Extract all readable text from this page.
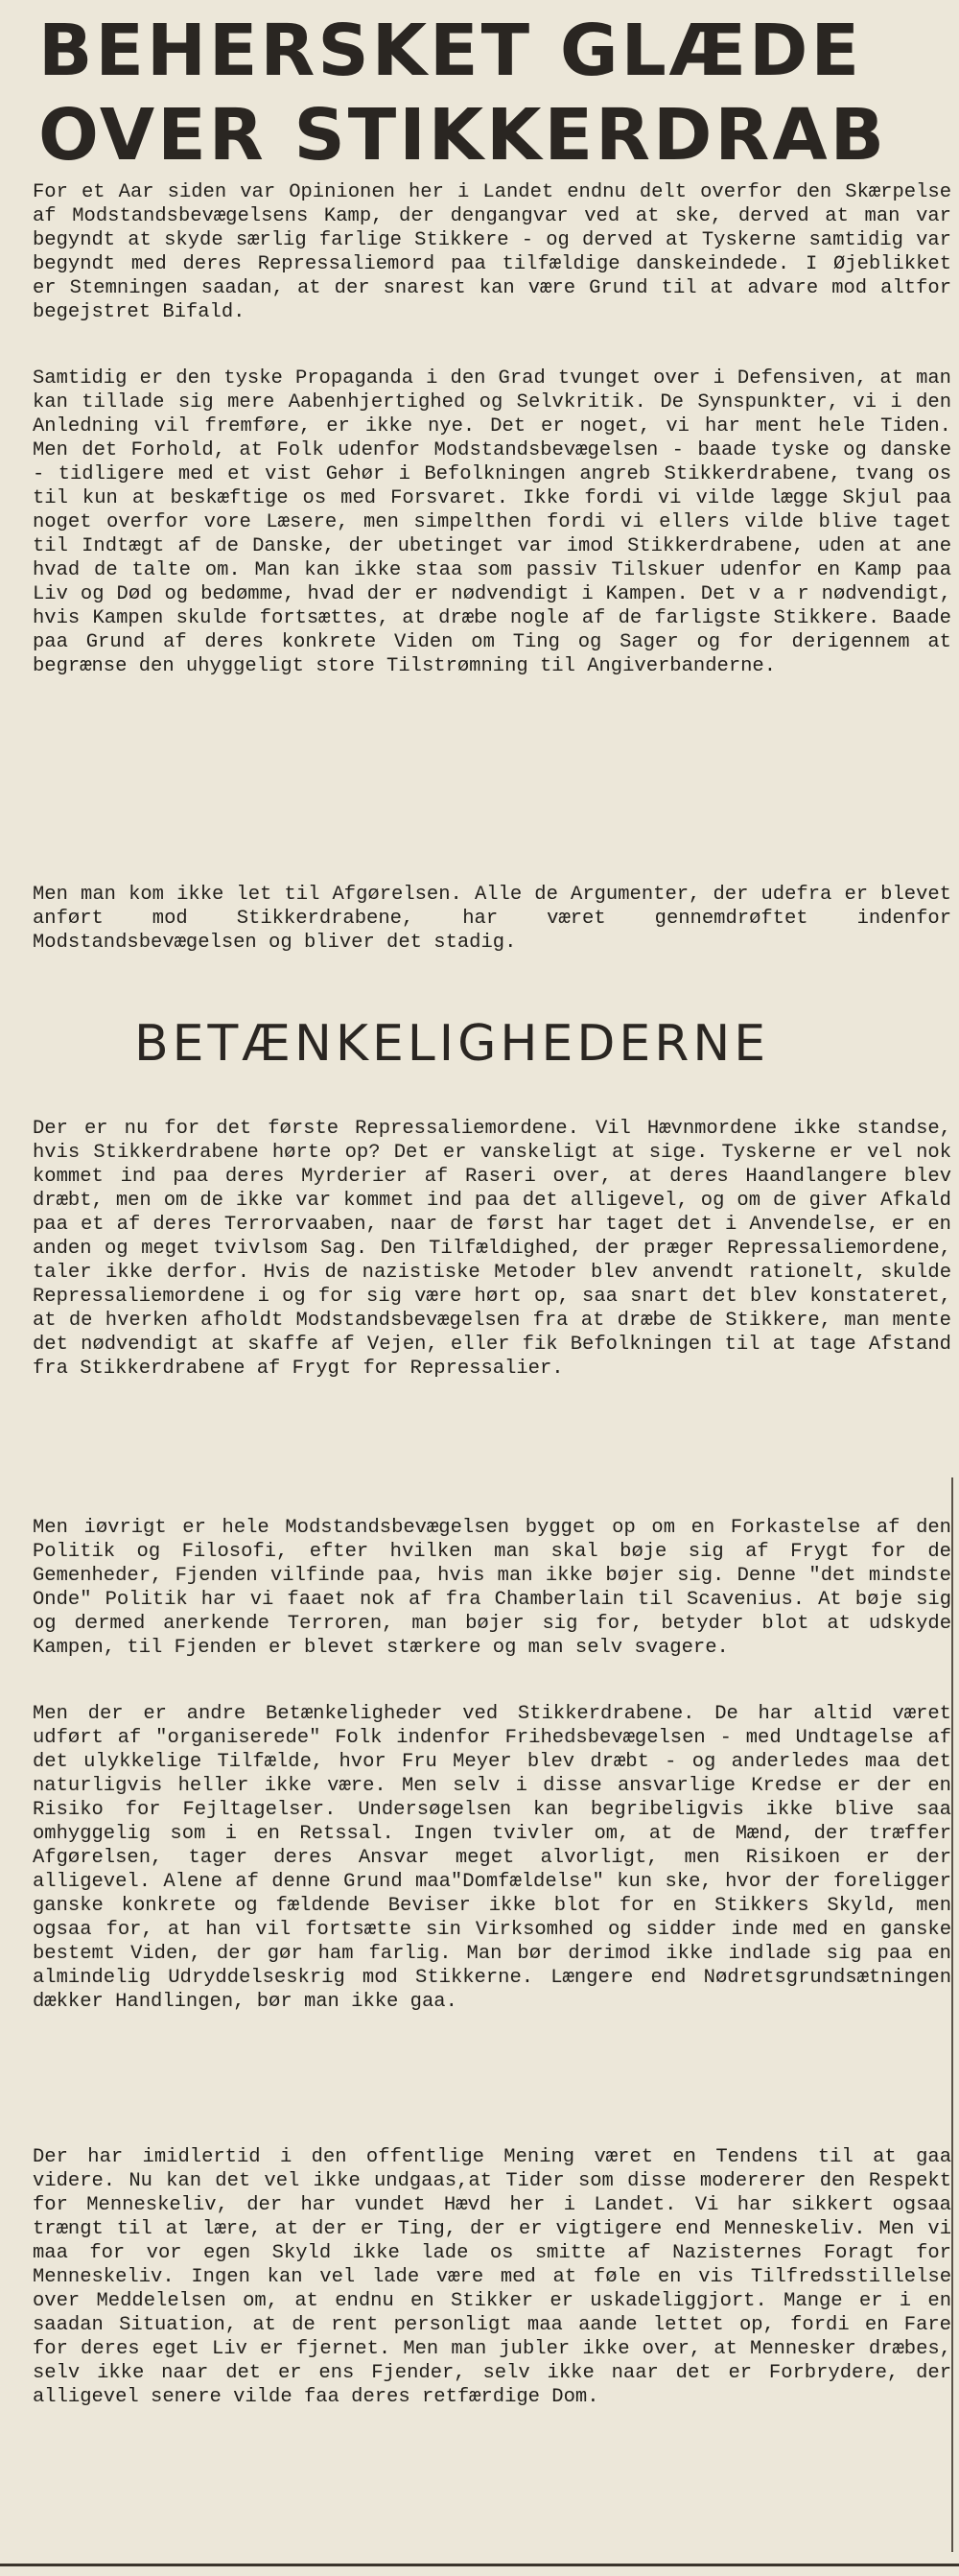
BEHERSKET GLÆDE
OVER STIKKERDRAB

For et Aar siden var Opinionen her i Landet endnu delt overfor den Skærpelse af Modstandsbevægelsens Kamp, der dengangvar ved at ske, derved at man var begyndt at skyde særlig farlige Stikkere - og derved at Tyskerne samtidig var begyndt med deres Repressaliemord paa tilfældige danskeindede. I Øjeblikket er Stemningen saadan, at der snarest kan være Grund til at advare mod altfor begejstret Bifald.

Samtidig er den tyske Propaganda i den Grad tvunget over i Defensiven, at man kan tillade sig mere Aabenhjertighed og Selvkritik. De Synspunkter, vi i den Anledning vil fremføre, er ikke nye. Det er noget, vi har ment hele Tiden. Men det Forhold, at Folk udenfor Modstandsbevægelsen - baade tyske og danske - tidligere med et vist Gehør i Befolkningen angreb Stikkerdrabene, tvang os til kun at beskæftige os med Forsvaret. Ikke fordi vi vilde lægge Skjul paa noget overfor vore Læsere, men simpelthen fordi vi ellers vilde blive taget til Indtægt af de Danske, der ubetinget var imod Stikkerdrabene, uden at ane hvad de talte om. Man kan ikke staa som passiv Tilskuer udenfor en Kamp paa Liv og Død og bedømme, hvad der er nødvendigt i Kampen. Det v a r nødvendigt, hvis Kampen skulde fortsættes, at dræbe nogle af de farligste Stikkere. Baade paa Grund af deres konkrete Viden om Ting og Sager og for derigennem at begrænse den uhyggeligt store Tilstrømning til Angiverbanderne.

Men man kom ikke let til Afgørelsen. Alle de Argumenter, der udefra er blevet anført mod Stikkerdrabene, har været gennemdrøftet indenfor Modstandsbevægelsen og bliver det stadig.

BETÆNKELIGHEDERNE

Der er nu for det første Repressaliemordene. Vil Hævnmordene ikke standse, hvis Stikkerdrabene hørte op? Det er vanskeligt at sige. Tyskerne er vel nok kommet ind paa deres Myrderier af Raseri over, at deres Haandlangere blev dræbt, men om de ikke var kommet ind paa det alligevel, og om de giver Afkald paa et af deres Terrorvaaben, naar de først har taget det i Anvendelse, er en anden og meget tvivlsom Sag. Den Tilfældighed, der præger Repressaliemordene, taler ikke derfor. Hvis de nazistiske Metoder blev anvendt rationelt, skulde Repressaliemordene i og for sig være hørt op, saa snart det blev konstateret, at de hverken afholdt Modstandsbevægelsen fra at dræbe de Stikkere, man mente det nødvendigt at skaffe af Vejen, eller fik Befolkningen til at tage Afstand fra Stikkerdrabene af Frygt for Repressalier.

Men iøvrigt er hele Modstandsbevægelsen bygget op om en Forkastelse af den Politik og Filosofi, efter hvilken man skal bøje sig af Frygt for de Gemenheder, Fjenden vilfinde paa, hvis man ikke bøjer sig. Denne "det mindste Onde" Politik har vi faaet nok af fra Chamberlain til Scavenius. At bøje sig og dermed anerkende Terroren, man bøjer sig for, betyder blot at udskyde Kampen, til Fjenden er blevet stærkere og man selv svagere.

Men der er andre Betænkeligheder ved Stikkerdrabene. De har altid været udført af "organiserede" Folk indenfor Frihedsbevægelsen - med Undtagelse af det ulykkelige Tilfælde, hvor Fru Meyer blev dræbt - og anderledes maa det naturligvis heller ikke være. Men selv i disse ansvarlige Kredse er der en Risiko for Fejltagelser. Undersøgelsen kan begribeligvis ikke blive saa omhyggelig som i en Retssal. Ingen tvivler om, at de Mænd, der træffer Afgørelsen, tager deres Ansvar meget alvorligt, men Risikoen er der alligevel. Alene af denne Grund maa"Domfældelse" kun ske, hvor der foreligger ganske konkrete og fældende Beviser ikke blot for en Stikkers Skyld, men ogsaa for, at han vil fortsætte sin Virksomhed og sidder inde med en ganske bestemt Viden, der gør ham farlig. Man bør derimod ikke indlade sig paa en almindelig Udryddelseskrig mod Stikkerne. Længere end Nødretsgrundsætningen dækker Handlingen, bør man ikke gaa.

Der har imidlertid i den offentlige Mening været en Tendens til at gaa videre. Nu kan det vel ikke undgaas,at Tider som disse modererer den Respekt for Menneskeliv, der har vundet Hævd her i Landet. Vi har sikkert ogsaa trængt til at lære, at der er Ting, der er vigtigere end Menneskeliv. Men vi maa for vor egen Skyld ikke lade os smitte af Nazisternes Foragt for Menneskeliv. Ingen kan vel lade være med at føle en vis Tilfredsstillelse over Meddelelsen om, at endnu en Stikker er uskadeliggjort. Mange er i en saadan Situation, at de rent personligt maa aande lettet op, fordi en Fare for deres eget Liv er fjernet. Men man jubler ikke over, at Mennesker dræbes, selv ikke naar det er ens Fjender, selv ikke naar det er Forbrydere, der alligevel senere vilde faa deres retfærdige Dom.
